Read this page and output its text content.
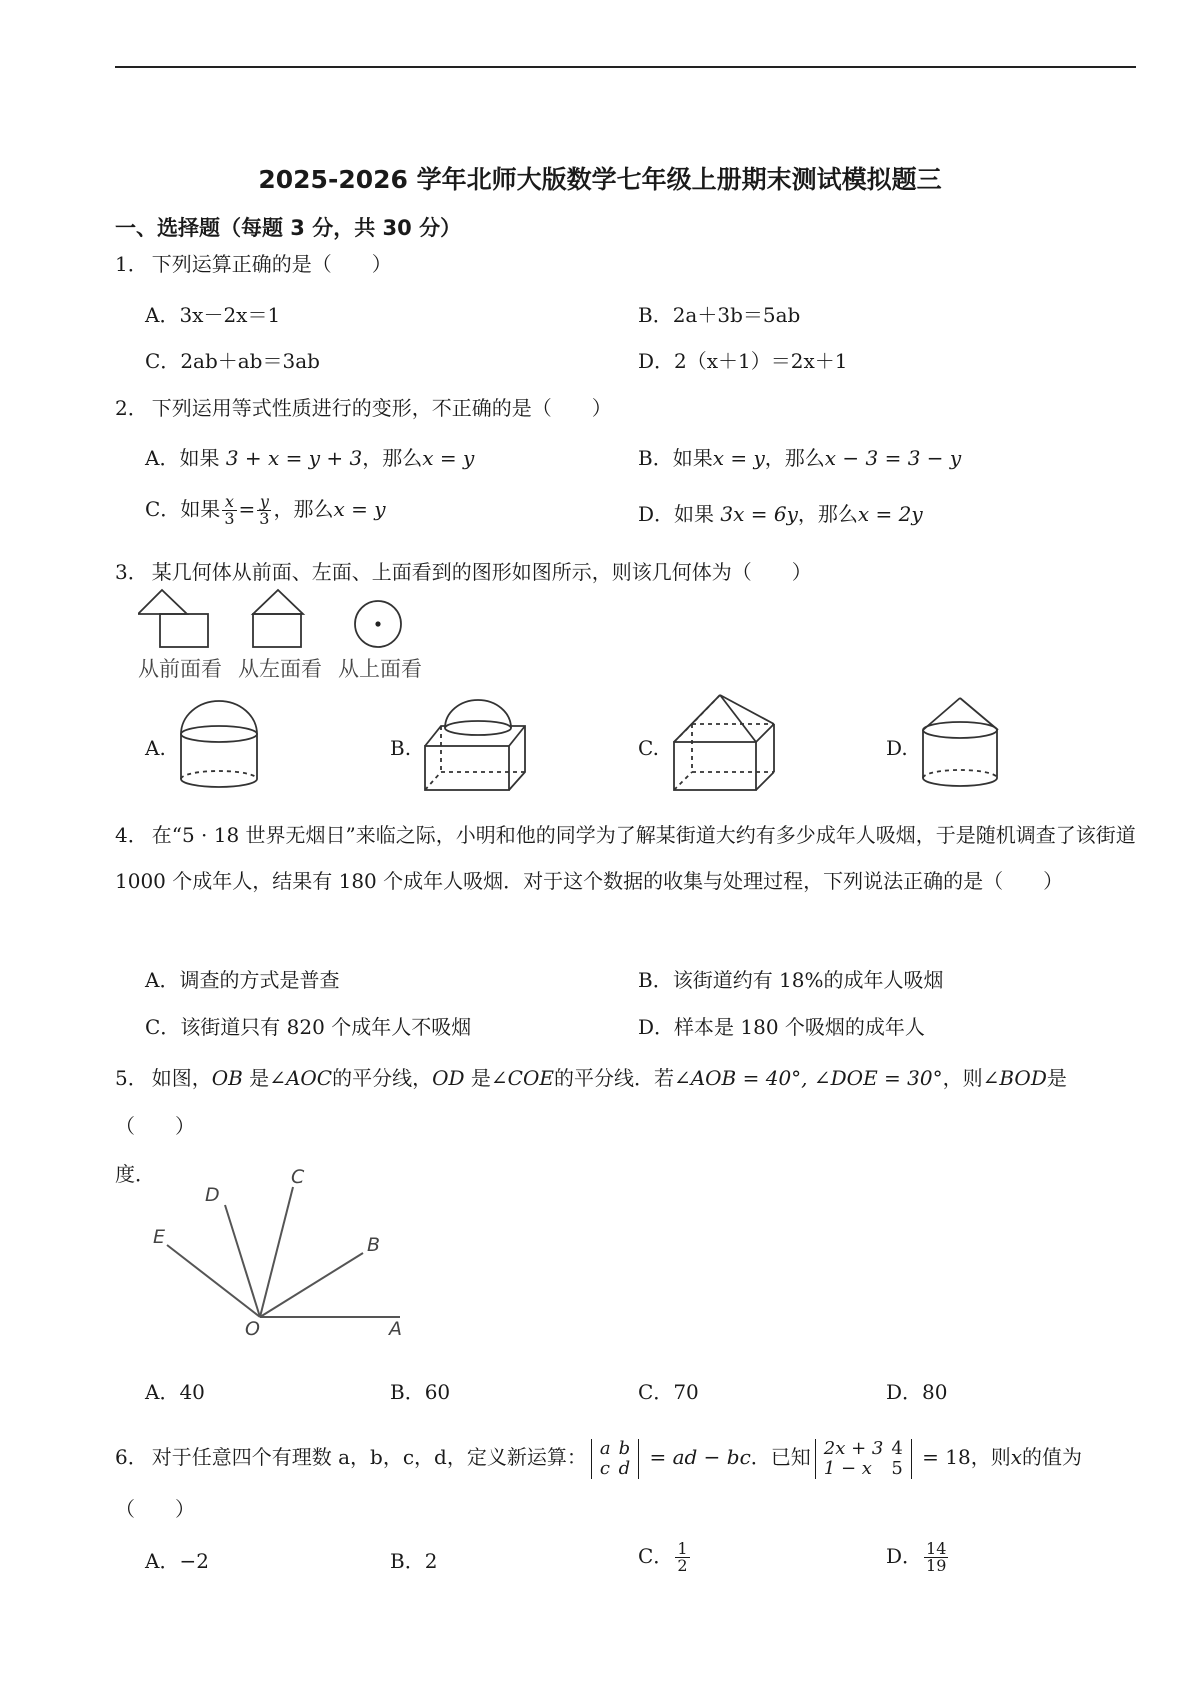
2025-2026 学年北师大版数学七年级上册期末测试模拟题三
一、选择题（每题 3 分，共 30 分）
1． 下列运算正确的是（　　）
A．3x－2x＝1	B．2a＋3b＝5ab
C．2ab＋ab＝3ab	D．2（x＋1）＝2x＋1
2． 下列运用等式性质进行的变形，不正确的是（　　）
A．如果 3 + x = y + 3，那么x = y	B．如果x = y，那么x − 3 = 3 − y
C．如果 $\frac{x}{3} = \frac{y}{3}$ ，那么x = y	D．如果 3x = 6y，那么x = 2y
3． 某几何体从前面、左面、上面看到的图形如图所示，则该几何体为（　　）
从前面看 从左面看 从上面看
A.	B.	C.	D.
4． 在“5 · 18 世界无烟日”来临之际，小明和他的同学为了解某街道大约有多少成年人吸烟，于是随机调查了该街道 1000 个成年人，结果有 180 个成年人吸烟．对于这个数据的收集与处理过程，下列说法正确的是（　　）
A．调查的方式是普查	B．该街道约有 18%的成年人吸烟
C．该街道只有 820 个成年人不吸烟	D．样本是 180 个吸烟的成年人
5． 如图，OB 是∠AOC的平分线，OD 是∠COE的平分线．若∠AOB = 40°, ∠DOE = 30°，则∠BOD是（　　）
度．
E
D
C
B
O	A
A．40	B．60	C．70	D．80
6． 对于任意四个有理数 a，b，c，d，定义新运算： a	b
c	d = ad − bc．已知 2x + 3	4
1 − x	5 = 18，则x的值为
（　　）
A．−2	B．2	C． $\frac{1}{2}$	D． $\frac{14}{19}$
